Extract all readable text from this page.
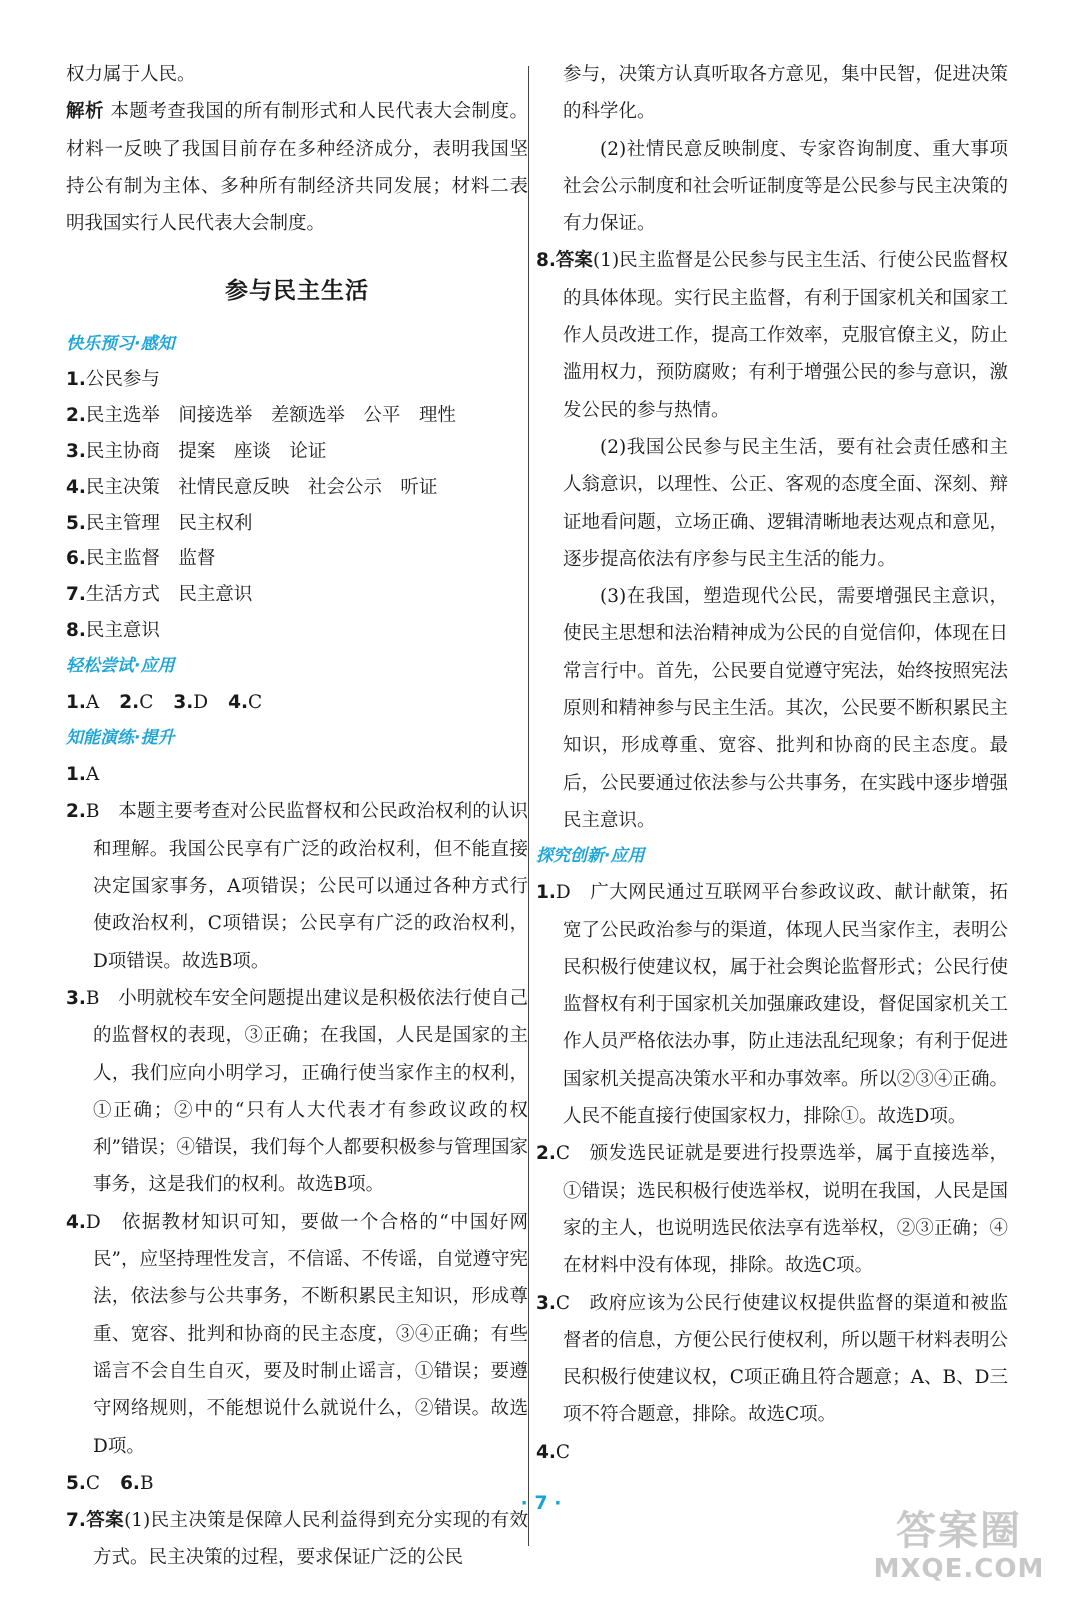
权力属于人民。

解析 本题考查我国的所有制形式和人民代表大会制度。材料一反映了我国目前存在多种经济成分，表明我国坚持公有制为主体、多种所有制经济共同发展；材料二表明我国实行人民代表大会制度。

参与民主生活

快乐预习·感知

1.公民参与

2.民主选举　间接选举　差额选举　公平　理性

3.民主协商　提案　座谈　论证

4.民主决策　社情民意反映　社会公示　听证

5.民主管理　民主权利

6.民主监督　监督

7.生活方式　民主意识

8.民主意识

轻松尝试·应用

1.A 2.C 3.D 4.C

知能演练·提升

1.A

2.B　本题主要考查对公民监督权和公民政治权利的认识和理解。我国公民享有广泛的政治权利，但不能直接决定国家事务，A项错误；公民可以通过各种方式行使政治权利，C项错误；公民享有广泛的政治权利，D项错误。故选B项。

3.B　小明就校车安全问题提出建议是积极依法行使自己的监督权的表现，③正确；在我国，人民是国家的主人，我们应向小明学习，正确行使当家作主的权利，①正确；②中的“只有人大代表才有参政议政的权利”错误；④错误，我们每个人都要积极参与管理国家事务，这是我们的权利。故选B项。

4.D　依据教材知识可知，要做一个合格的“中国好网民”，应坚持理性发言，不信谣、不传谣，自觉遵守宪法，依法参与公共事务，不断积累民主知识，形成尊重、宽容、批判和协商的民主态度，③④正确；有些谣言不会自生自灭，要及时制止谣言，①错误；要遵守网络规则，不能想说什么就说什么，②错误。故选D项。

5.C 6.B

7.答案(1)民主决策是保障人民利益得到充分实现的有效方式。民主决策的过程，要求保证广泛的公民

参与，决策方认真听取各方意见，集中民智，促进决策的科学化。

(2)社情民意反映制度、专家咨询制度、重大事项社会公示制度和社会听证制度等是公民参与民主决策的有力保证。

8.答案(1)民主监督是公民参与民主生活、行使公民监督权的具体体现。实行民主监督，有利于国家机关和国家工作人员改进工作，提高工作效率，克服官僚主义，防止滥用权力，预防腐败；有利于增强公民的参与意识，激发公民的参与热情。

(2)我国公民参与民主生活，要有社会责任感和主人翁意识，以理性、公正、客观的态度全面、深刻、辩证地看问题，立场正确、逻辑清晰地表达观点和意见，逐步提高依法有序参与民主生活的能力。

(3)在我国，塑造现代公民，需要增强民主意识，使民主思想和法治精神成为公民的自觉信仰，体现在日常言行中。首先，公民要自觉遵守宪法，始终按照宪法原则和精神参与民主生活。其次，公民要不断积累民主知识，形成尊重、宽容、批判和协商的民主态度。最后，公民要通过依法参与公共事务，在实践中逐步增强民主意识。

探究创新·应用

1.D　广大网民通过互联网平台参政议政、献计献策，拓宽了公民政治参与的渠道，体现人民当家作主，表明公民积极行使建议权，属于社会舆论监督形式；公民行使监督权有利于国家机关加强廉政建设，督促国家机关工作人员严格依法办事，防止违法乱纪现象；有利于促进国家机关提高决策水平和办事效率。所以②③④正确。人民不能直接行使国家权力，排除①。故选D项。

2.C　颁发选民证就是要进行投票选举，属于直接选举，①错误；选民积极行使选举权，说明在我国，人民是国家的主人，也说明选民依法享有选举权，②③正确；④在材料中没有体现，排除。故选C项。

3.C　政府应该为公民行使建议权提供监督的渠道和被监督者的信息，方便公民行使权利，所以题干材料表明公民积极行使建议权，C项正确且符合题意；A、B、D三项不符合题意，排除。故选C项。

4.C

· 7 ·
答案圈
MXQE.COM
